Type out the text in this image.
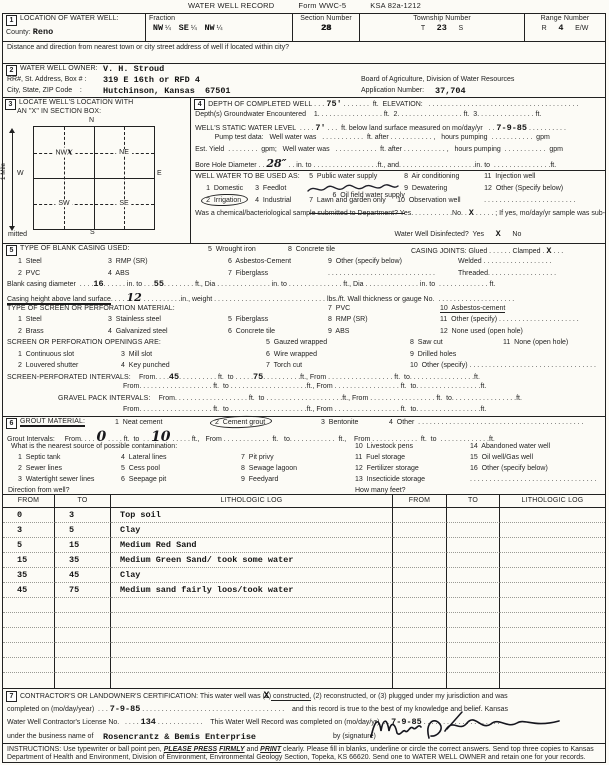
WATER WELL RECORD	Form WWC-5	KSA 82a-1212
1 LOCATION OF WATER WELL:
County: Reno
Fraction
NW ¼ SE ¼ NW ¼
Section Number
28
Township Number
T 23 S
Range Number
R 4 E/W
Distance and direction from nearest town or city street address of well if located within city?
2 WATER WELL OWNER: V. H. Stroud
RR#, St. Address, Box # : 319 E 16th or RFD 4	Board of Agriculture, Division of Water Resources
City, State, ZIP Code    : Hutchinson, Kansas  67501	Application Number: 37,704
3 LOCATE WELL'S LOCATION WITH
AN "X" IN SECTION BOX:
N
W	E
S
1 Mile
NWx	NE
SW	SE
mitted
4 DEPTH OF COMPLETED WELL . . . 75' . . . . . . .  ft.  ELEVATION:   . . . . . . . . . . . . . . . . . . . . . . . . . . . . . . . . . . . . . . .
Depth(s) Groundwater Encountered    1. . . . . . . . . . . . . . . . . ft.  2. . . . . . . . . . . . . . . . . ft.  3. . . . . . . . . . . . . . . ft.
WELL'S STATIC WATER LEVEL  . . . . 7' . . .  ft. below land surface measured on mo/day/yr   . . 7-9-85 . . . . . . . . . .
Pump test data:   Well water was   . . . . . . . . . . .  ft. after . . . . . . . . . . . ,   hours pumping  . . . . . . . . . . .  gpm
Est. Yield  . . . . . . . .  gpm;   Well water was   . . . . . . . . . . .  ft. after . . . . . . . . . . . ,   hours pumping  . . . . . . . . . . .  gpm
Bore Hole Diameter . . 28″ . . in. to . . . . . . . . . . . . . . . . .ft., and. . . . . . . . . . . . . . . . . . . .in. to  . . . . . . . . . . . . . . .ft.
WELL WATER TO BE USED AS: 5  Public water supply	8  Air conditioning	11  Injection well
1  Domestic 3  Feedlot

6  Oil field water supply

9  Dewatering	12  Other (Specify below)
2  Irrigation 4  Industrial	7  Lawn and garden only 10  Observation well	. . . . . . . . . . . . . . . . . . . . . . . .
Was a chemical/bacteriological sample submitted to Department? Yes. . . . . . . . . . .No. . X . . . . . ; If yes, mo/day/yr sample was sub-

Water Well Disinfected?  Yes      X      No

5 TYPE OF BLANK CASING USED:	5  Wrought iron	8  Concrete tile	CASING JOINTS: Glued . . . . . . Clamped . X . . .
1  Steel	3  RMP (SR)	6  Asbestos-Cement	9  Other (specify below)	Welded . . . . . . . . . . . . . . . . . .
2  PVC	4  ABS	7  Fiberglass	. . . . . . . . . . . . . . . . . . . . . . . . . . . .	Threaded. . . . . . . . . . . . . . . . . .
Blank casing diameter  . . . . 16 . . . . . . in. to . . . 55 . . . . . . . . ft., Dia . . . . . . . . . . . . . . in. to . . . . . . . . . . . . . . ft., Dia . . . . . . . . . . . . . . in. to  . . . . . . . . . . . . . ft.
Casing height above land surface . . . . 12 . . . . . . . . . .in., weight . . . . . . . . . . . . . . . . . . . . . . . . . . . . . lbs./ft. Wall thickness or gauge No.  . . . . . . . . . . . . . . . . . . . .
TYPE OF SCREEN OR PERFORATION MATERIAL:	7  PVC	10  Asbestos-cement
1  Steel	3  Stainless steel	5  Fiberglass	8  RMP (SR)	11  Other (specify) . . . . . . . . . . . . . . . . . . . . .
2  Brass	4  Galvanized steel	6  Concrete tile	9  ABS	12  None used (open hole)
SCREEN OR PERFORATION OPENINGS ARE:	5  Gauzed wrapped	8  Saw cut	11  None (open hole)
1  Continuous slot	3  Mill slot	6  Wire wrapped	9  Drilled holes
2  Louvered shutter	4  Key punched	7  Torch cut	10  Other (specify) . . . . . . . . . . . . . . . . . . . . . . . . . . . . . . . . .
SCREEN-PERFORATED INTERVALS: From. . . . 45 . . . . . . . . . . ft.  to . . . . . 75 . . . . . . . . . .ft., From . . . . . . . . . . . . . . . . . ft.  to. . . . . . . . . . . . . . . . .ft.
From. . . . . . . . . . . . . . . . . . . ft.  to . . . . . . . . . . . . . . . . . . . .ft., From . . . . . . . . . . . . . . . . . ft.  to. . . . . . . . . . . . . . . . .ft.
GRAVEL PACK INTERVALS: From. . . . . . . . . . . . . . . . . . . ft.  to . . . . . . . . . . . . . . . . . . . .ft., From . . . . . . . . . . . . . . . . . ft.  to. . . . . . . . . . . . . . . . .ft.
From. . . . . . . . . . . . . . . . . . . ft.  to . . . . . . . . . . . . . . . . . . . .ft., From . . . . . . . . . . . . . . . . . ft.  to. . . . . . . . . . . . . . . . .ft.
6 GROUT MATERIAL:	1  Neat cement	2  Cement grout	3  Bentonite	4  Other  . . . . . . . . . . . . . . . . . . . . . . . . . . . . . . . . . . . . . . . . . . .
Grout Intervals:     From. . . . 0 . . . . ft.  to  . . 10 . . . . . ft.,   From . . . . . . . . . . . .  ft.   to. . . . . . . . . . . .  ft.,    From . . . . . . . . . . . .  ft.  to  . . . . . . . . . . . . .ft.
What is the nearest source of possible contamination:	10  Livestock pens	14  Abandoned water well
1  Septic tank	4  Lateral lines	7  Pit privy	11  Fuel storage	15  Oil well/Gas well
2  Sewer lines	5  Cess pool	8  Sewage lagoon	12  Fertilizer storage	16  Other (specify below)
3  Watertight sewer lines	6  Seepage pit	9  Feedyard	13  Insecticide storage	. . . . . . . . . . . . . . . . . . . . . . . . . . . . . . . . .
Direction from well?	How many feet?
FROM	TO	LITHOLOGIC LOG	FROM	TO	LITHOLOGIC LOG
0	3	Top soil
3	5	Clay
5	15	Medium Red Sand
15	35	Medium Green Sand/ took some water
35	45	Clay
45	75	Medium sand fairly loos/took water
7 CONTRACTOR'S OR LANDOWNER'S CERTIFICATION: This water well was (1) X constructed, (2) reconstructed, or (3) plugged under my jurisdiction and was
completed on (mo/day/year)  . . . 7-9-85 . . . . . . . . . . . . . . . . . . . . . . . . . . . . . . . . . . . . .    and this record is true to the best of my knowledge and belief. Kansas
Water Well Contractor's License No.   . . . . 134 . . . . . . . . . . . .    This Water Well Record was completed on (mo/day/yr)  . . 7-9-85 . . . . . . . . . . . . . . . . . . . .
under the business name of Rosencrantz & Bemis Enterprise	by (signature)
INSTRUCTIONS: Use typewriter or ball point pen, PLEASE PRESS FIRMLY and PRINT clearly. Please fill in blanks, underline or circle the correct answers. Send top three copies to Kansas Department of Health and Environment, Division of Environment, Environmental Geology Section, Topeka, KS 66620. Send one to WATER WELL OWNER and retain one for your records.
